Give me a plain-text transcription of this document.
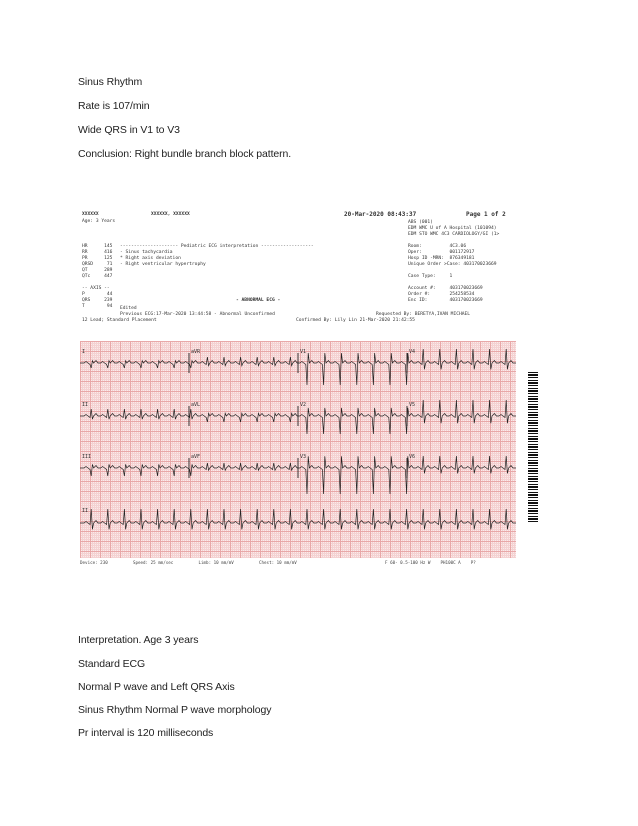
Sinus Rhythm
Rate is 107/min
Wide QRS in V1 to V3
Conclusion: Right bundle branch block pattern.
XXXXXX	XXXXXX, XXXXXX
Age: 3 Years
20-Mar-2020 08:43:37	Page 1 of 2
ABS (001)
EDM WMC U of A Hospital (101094)
EDM STO WMC 4C3 CARDIOLOGY/GI (1>
HR      145
RR      416
PR      125
QRSD     71
QT      289
QTc     447
-- AXIS --
P        44
QRS     239
T        94
--------------------- Pediatric ECG interpretation -------------------
- Sinus tachycardia
* Right axis deviation
- Right ventricular hypertrophy
Room:          4C3.06
Oper:          001172917
Hosp ID -MRN:  876349181
Unique Order >Case: 403170023669
Case Type:     1
Account #:     403170023669
Order #:       254258534
Enc ID:        403170023669
- ABNORMAL ECG -
Edited
Previous ECG:17-Mar-2020 13:44:58 - Abnormal Unconfirmed	Requested By: BERETYA,IVAN MICHAEL
12 Lead; Standard Placement	Confirmed By: Lily Lin 21-Mar-2020 21:42:55
I	aVR	V1	V4
II	aVL	V2	V5
III	aVF	V3	V6
II
Device: 230          Speed: 25 mm/sec          Limb: 10 mm/mV          Chest: 10 mm/mV                                   F 60- 0.5-100 Hz W    PH100C A    P?
Interpretation. Age 3 years
Standard ECG
Normal P wave and Left QRS Axis
Sinus Rhythm Normal P wave morphology
Pr interval is 120 milliseconds
